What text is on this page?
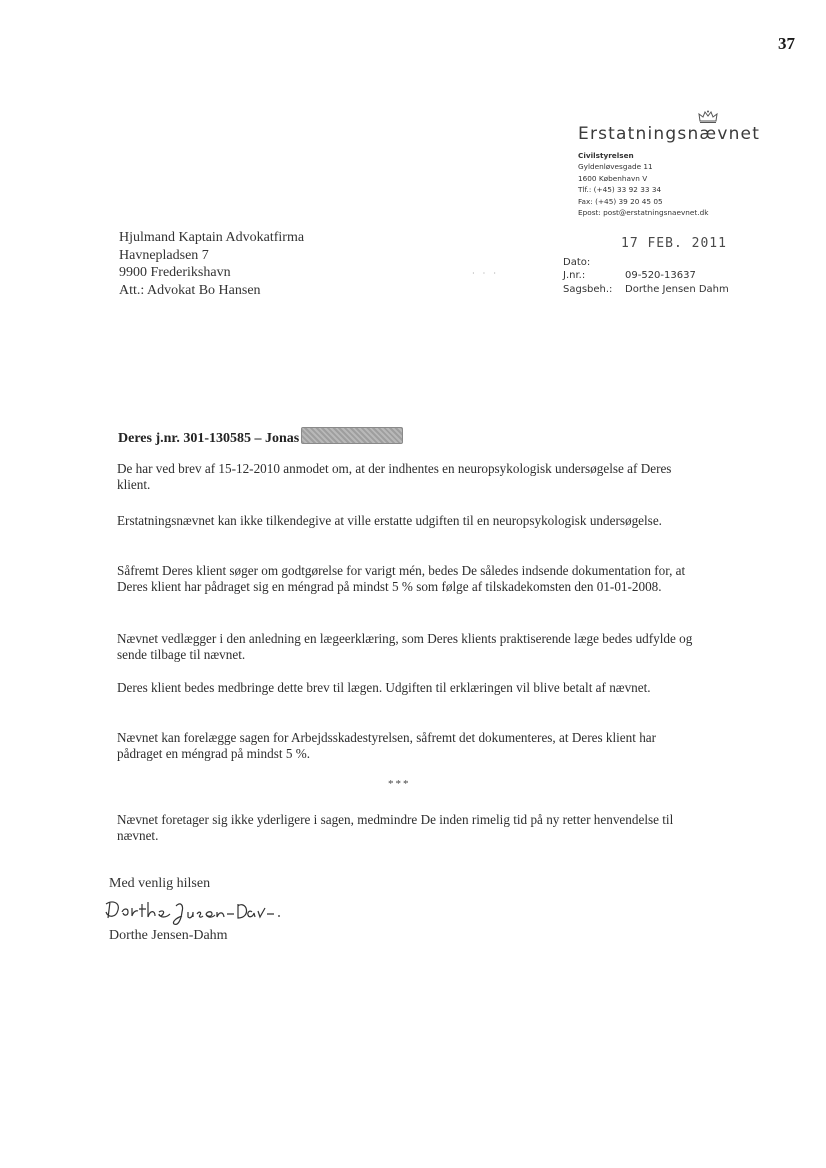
37
Erstatningsnævnet
Civilstyrelsen
Gyldenløvesgade 11
1600 København V
Tlf.: (+45) 33 92 33 34
Fax: (+45) 39 20 45 05
Epost: post@erstatningsnaevnet.dk
Hjulmand Kaptain Advokatfirma
Havnepladsen 7
9900 Frederikshavn
Att.: Advokat Bo Hansen
· · ·
17 FEB. 2011
Dato:
J.nr.:	09-520-13637
Sagsbeh.: Dorthe Jensen Dahm
Deres j.nr. 301-130585 – Jonas
De har ved brev af 15-12-2010 anmodet om, at der indhentes en neuropsykologisk undersøgelse af Deres klient.
Erstatningsnævnet kan ikke tilkendegive at ville erstatte udgiften til en neuropsykologisk undersøgelse.
Såfremt Deres klient søger om godtgørelse for varigt mén, bedes De således indsende dokumentation for, at Deres klient har pådraget sig en méngrad på mindst 5 % som følge af tilskadekomsten den 01-01-2008.
Nævnet vedlægger i den anledning en lægeerklæring, som Deres klients praktiserende læge bedes udfylde og sende tilbage til nævnet.
Deres klient bedes medbringe dette brev til lægen. Udgiften til erklæringen vil blive betalt af nævnet.
Nævnet kan forelægge sagen for Arbejdsskadestyrelsen, såfremt det dokumenteres, at Deres klient har pådraget en méngrad på mindst 5 %.
***
Nævnet foretager sig ikke yderligere i sagen, medmindre De inden rimelig tid på ny retter henvendelse til nævnet.
Med venlig hilsen
Dorthe Jensen-Dahm
